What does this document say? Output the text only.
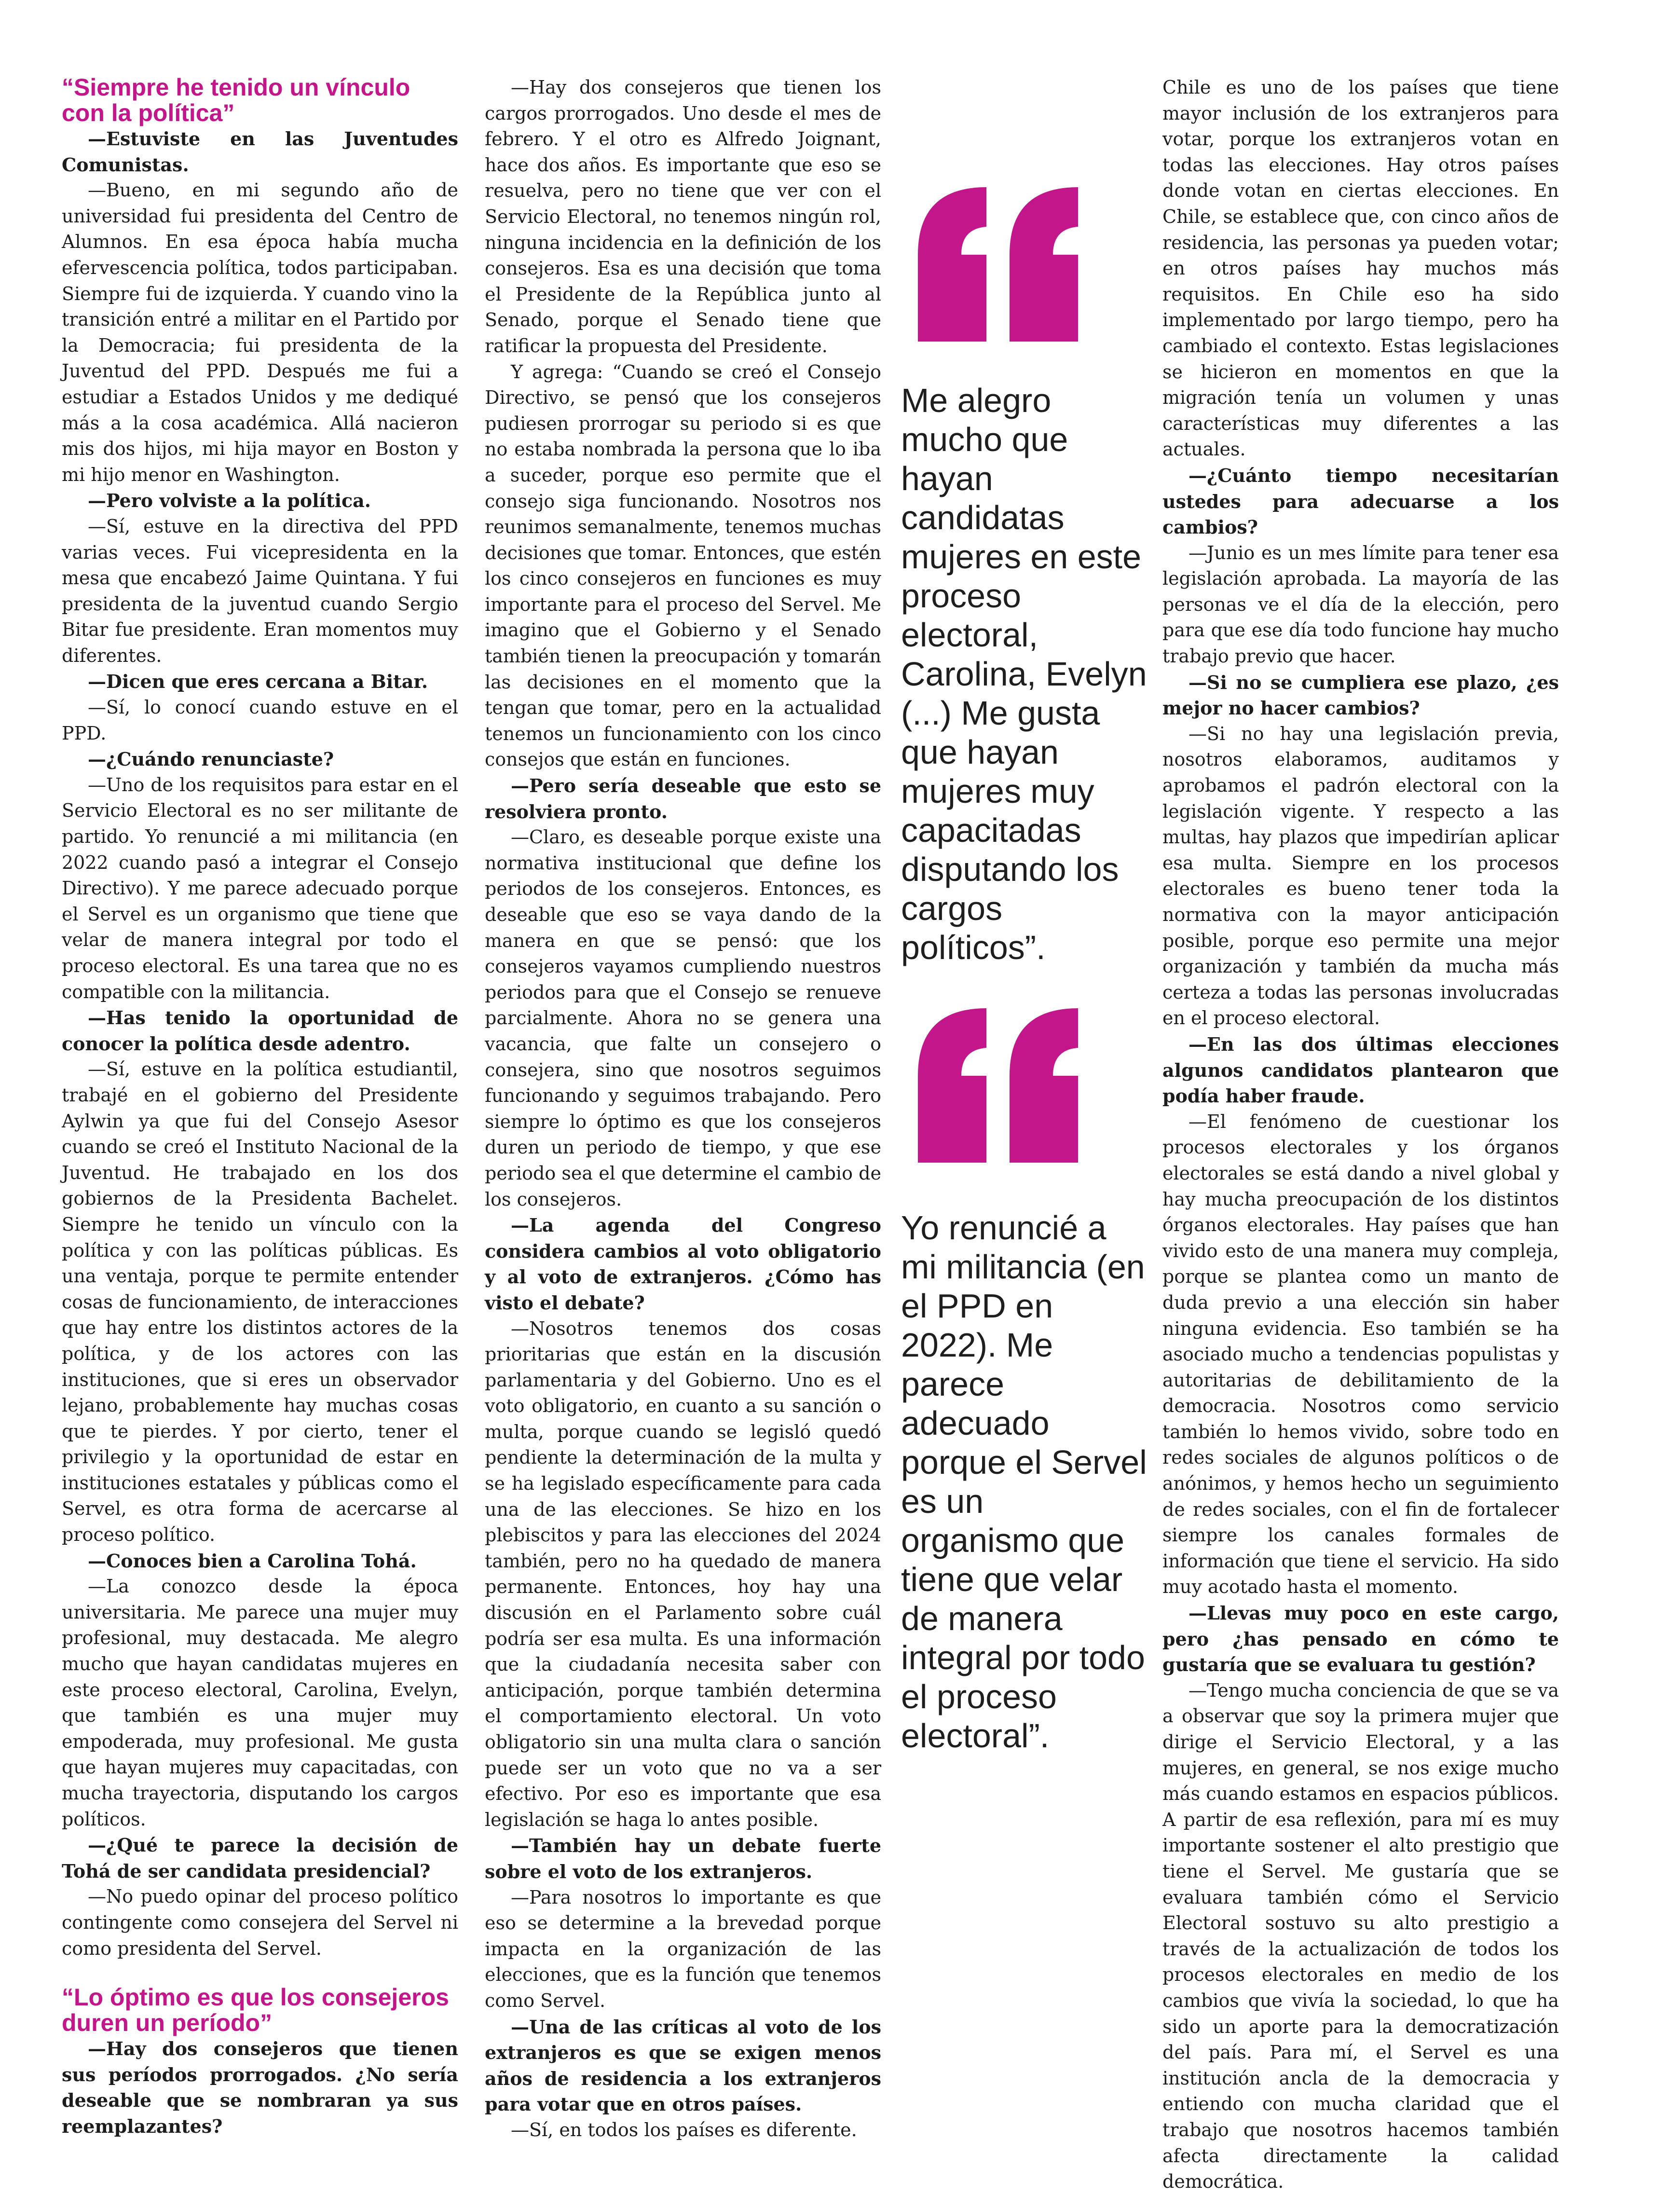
“Siempre he tenido un vínculo con la política”

—Estuviste en las Juventudes Comunistas.

—Bueno, en mi segundo año de universidad fui presidenta del Centro de Alumnos. En esa época había mucha efervescencia política, todos participaban. Siempre fui de izquierda. Y cuando vino la transición entré a militar en el Partido por la Democracia; fui presidenta de la Juventud del PPD. Después me fui a estudiar a Estados Unidos y me dediqué más a la cosa académica. Allá nacieron mis dos hijos, mi hija mayor en Boston y mi hijo menor en Washington.

—Pero volviste a la política.

—Sí, estuve en la directiva del PPD varias veces. Fui vicepresidenta en la mesa que encabezó Jaime Quintana. Y fui presidenta de la juventud cuando Sergio Bitar fue presidente. Eran momentos muy diferentes.

—Dicen que eres cercana a Bitar.

—Sí, lo conocí cuando estuve en el PPD.

—¿Cuándo renunciaste?

—Uno de los requisitos para estar en el Servicio Electoral es no ser militante de partido. Yo renuncié a mi militancia (en 2022 cuando pasó a integrar el Consejo Directivo). Y me parece adecuado porque el Servel es un organismo que tiene que velar de manera integral por todo el proceso electoral. Es una tarea que no es compatible con la militancia.

—Has tenido la oportunidad de conocer la política desde adentro.

—Sí, estuve en la política estudiantil, trabajé en el gobierno del Presidente Aylwin ya que fui del Consejo Asesor cuando se creó el Instituto Nacional de la Juventud. He trabajado en los dos gobiernos de la Presidenta Bachelet. Siempre he tenido un vínculo con la política y con las políticas públicas. Es una ventaja, porque te permite entender cosas de funcionamiento, de interacciones que hay entre los distintos actores de la política, y de los actores con las instituciones, que si eres un observador lejano, probablemente hay muchas cosas que te pierdes. Y por cierto, tener el privilegio y la oportunidad de estar en instituciones estatales y públicas como el Servel, es otra forma de acercarse al proceso político.

—Conoces bien a Carolina Tohá.

—La conozco desde la época universitaria. Me parece una mujer muy profesional, muy destacada. Me alegro mucho que hayan candidatas mujeres en este proceso electoral, Carolina, Evelyn, que también es una mujer muy empoderada, muy profesional. Me gusta que hayan mujeres muy capacitadas, con mucha trayectoria, disputando los cargos políticos.

—¿Qué te parece la decisión de Tohá de ser candidata presidencial?

—No puedo opinar del proceso político contingente como consejera del Servel ni como presidenta del Servel.

“Lo óptimo es que los consejeros duren un período”

—Hay dos consejeros que tienen sus períodos prorrogados. ¿No sería deseable que se nombraran ya sus reemplazantes?

—Hay dos consejeros que tienen los cargos prorrogados. Uno desde el mes de febrero. Y el otro es Alfredo Joignant, hace dos años. Es importante que eso se resuelva, pero no tiene que ver con el Servicio Electoral, no tenemos ningún rol, ninguna incidencia en la definición de los consejeros. Esa es una decisión que toma el Presidente de la República junto al Senado, porque el Senado tiene que ratificar la propuesta del Presidente.

Y agrega: “Cuando se creó el Consejo Directivo, se pensó que los consejeros pudiesen prorrogar su periodo si es que no estaba nombrada la persona que lo iba a suceder, porque eso permite que el consejo siga funcionando. Nosotros nos reunimos semanalmente, tenemos muchas decisiones que tomar. Entonces, que estén los cinco consejeros en funciones es muy importante para el proceso del Servel. Me imagino que el Gobierno y el Senado también tienen la preocupación y tomarán las decisiones en el momento que la tengan que tomar, pero en la actualidad tenemos un funcionamiento con los cinco consejos que están en funciones.

—Pero sería deseable que esto se resolviera pronto.

—Claro, es deseable porque existe una normativa institucional que define los periodos de los consejeros. Entonces, es deseable que eso se vaya dando de la manera en que se pensó: que los consejeros vayamos cumpliendo nuestros periodos para que el Consejo se renueve parcialmente. Ahora no se genera una vacancia, que falte un consejero o consejera, sino que nosotros seguimos funcionando y seguimos trabajando. Pero siempre lo óptimo es que los consejeros duren un periodo de tiempo, y que ese periodo sea el que determine el cambio de los consejeros.

—La agenda del Congreso considera cambios al voto obligatorio y al voto de extranjeros. ¿Cómo has visto el debate?

—Nosotros tenemos dos cosas prioritarias que están en la discusión parlamentaria y del Gobierno. Uno es el voto obligatorio, en cuanto a su sanción o multa, porque cuando se legisló quedó pendiente la determinación de la multa y se ha legislado específicamente para cada una de las elecciones. Se hizo en los plebiscitos y para las elecciones del 2024 también, pero no ha quedado de manera permanente. Entonces, hoy hay una discusión en el Parlamento sobre cuál podría ser esa multa. Es una información que la ciudadanía necesita saber con anticipación, porque también determina el comportamiento electoral. Un voto obligatorio sin una multa clara o sanción puede ser un voto que no va a ser efectivo. Por eso es importante que esa legislación se haga lo antes posible.

—También hay un debate fuerte sobre el voto de los extranjeros.

—Para nosotros lo importante es que eso se determine a la brevedad porque impacta en la organización de las elecciones, que es la función que tenemos como Servel.

—Una de las críticas al voto de los extranjeros es que se exigen menos años de residencia a los extranjeros para votar que en otros países.

—Sí, en todos los países es diferente.

Chile es uno de los países que tiene mayor inclusión de los extranjeros para votar, porque los extranjeros votan en todas las elecciones. Hay otros países donde votan en ciertas elecciones. En Chile, se establece que, con cinco años de residencia, las personas ya pueden votar; en otros países hay muchos más requisitos. En Chile eso ha sido implementado por largo tiempo, pero ha cambiado el contexto. Estas legislaciones se hicieron en momentos en que la migración tenía un volumen y unas características muy diferentes a las actuales.

—¿Cuánto tiempo necesitarían ustedes para adecuarse a los cambios?

—Junio es un mes límite para tener esa legislación aprobada. La mayoría de las personas ve el día de la elección, pero para que ese día todo funcione hay mucho trabajo previo que hacer.

—Si no se cumpliera ese plazo, ¿es mejor no hacer cambios?

—Si no hay una legislación previa, nosotros elaboramos, auditamos y aprobamos el padrón electoral con la legislación vigente. Y respecto a las multas, hay plazos que impedirían aplicar esa multa. Siempre en los procesos electorales es bueno tener toda la normativa con la mayor anticipación posible, porque eso permite una mejor organización y también da mucha más certeza a todas las personas involucradas en el proceso electoral.

—En las dos últimas elecciones algunos candidatos plantearon que podía haber fraude.

—El fenómeno de cuestionar los procesos electorales y los órganos electorales se está dando a nivel global y hay mucha preocupación de los distintos órganos electorales. Hay países que han vivido esto de una manera muy compleja, porque se plantea como un manto de duda previo a una elección sin haber ninguna evidencia. Eso también se ha asociado mucho a tendencias populistas y autoritarias de debilitamiento de la democracia. Nosotros como servicio también lo hemos vivido, sobre todo en redes sociales de algunos políticos o de anónimos, y hemos hecho un seguimiento de redes sociales, con el fin de fortalecer siempre los canales formales de información que tiene el servicio. Ha sido muy acotado hasta el momento.

—Llevas muy poco en este cargo, pero ¿has pensado en cómo te gustaría que se evaluara tu gestión?

—Tengo mucha conciencia de que se va a observar que soy la primera mujer que dirige el Servicio Electoral, y a las mujeres, en general, se nos exige mucho más cuando estamos en espacios públicos. A partir de esa reflexión, para mí es muy importante sostener el alto prestigio que tiene el Servel. Me gustaría que se evaluara también cómo el Servicio Electoral sostuvo su alto prestigio a través de la actualización de todos los procesos electorales en medio de los cambios que vivía la sociedad, lo que ha sido un aporte para la democratización del país. Para mí, el Servel es una institución ancla de la democracia y entiendo con mucha claridad que el trabajo que nosotros hacemos también afecta directamente la calidad democrática.

Me alegro mucho que hayan candidatas mujeres en este proceso electoral, Carolina, Evelyn (...) Me gusta que hayan mujeres muy capacitadas disputando los cargos políticos”.

Yo renuncié a mi militancia (en el PPD en 2022). Me parece adecuado porque el Servel es un organismo que tiene que velar de manera integral por todo el proceso electoral”.
